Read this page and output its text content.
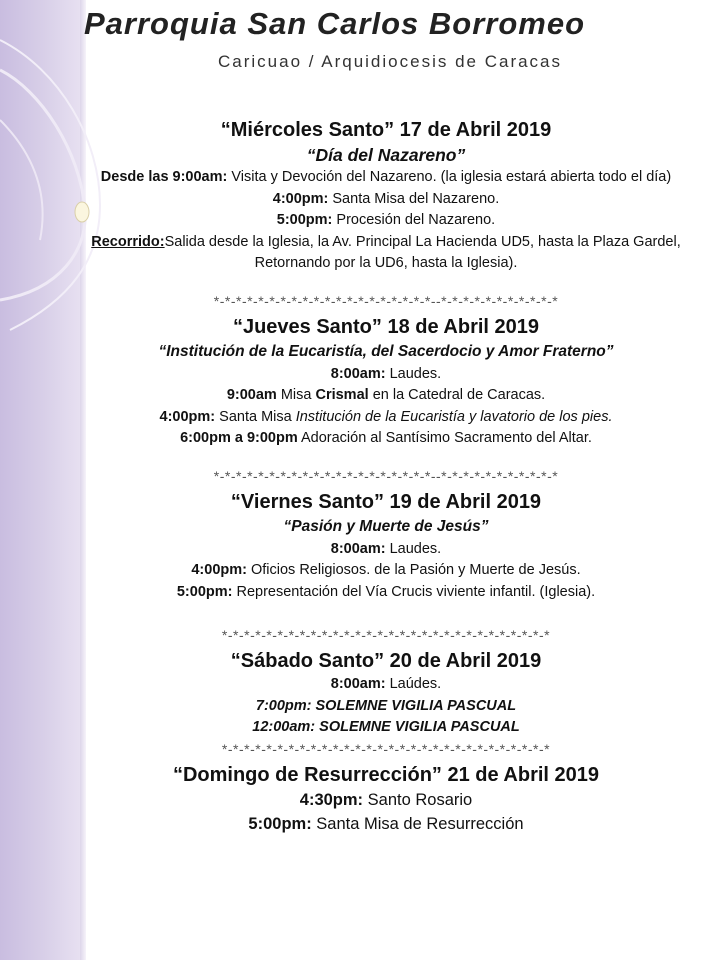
Parroquia San Carlos Borromeo
Caricuao / Arquidiocesis de Caracas
“Miércoles Santo” 17 de Abril 2019
“Día del Nazareno”
Desde las 9:00am: Visita y Devoción del Nazareno. (la iglesia estará abierta todo el día)
4:00pm: Santa Misa del Nazareno.
5:00pm: Procesión del Nazareno.
Recorrido:Salida desde la Iglesia, la Av. Principal La Hacienda UD5, hasta la Plaza Gardel, Retornando por la UD6, hasta la Iglesia).
*-*-*-*-*-*-*-*-*-*-*-*-*-*-*-*-*-*-*-*--*-*-*-*-*-*-*-*-*-*-*
“Jueves Santo” 18 de Abril 2019
“Institución de la Eucaristía, del Sacerdocio y Amor Fraterno”
8:00am: Laudes.
9:00am Misa Crismal en la Catedral de Caracas.
4:00pm: Santa Misa Institución de la Eucaristía y lavatorio de los pies.
6:00pm a 9:00pm Adoración al Santísimo Sacramento del Altar.
*-*-*-*-*-*-*-*-*-*-*-*-*-*-*-*-*-*-*-*--*-*-*-*-*-*-*-*-*-*-*
“Viernes Santo” 19 de Abril 2019
“Pasión y Muerte de Jesús”
8:00am: Laudes.
4:00pm: Oficios Religiosos. de la Pasión y Muerte de Jesús.
5:00pm: Representación del Vía Crucis viviente infantil. (Iglesia).
*-*-*-*-*-*-*-*-*-*-*-*-*-*-*-*-*-*-*-*-*-*-*-*-*-*-*-*-*-*
“Sábado Santo” 20 de Abril 2019
8:00am: Laúdes.
7:00pm: SOLEMNE VIGILIA PASCUAL
12:00am: SOLEMNE VIGILIA PASCUAL
*-*-*-*-*-*-*-*-*-*-*-*-*-*-*-*-*-*-*-*-*-*-*-*-*-*-*-*-*-*
“Domingo de Resurrección” 21 de Abril 2019
4:30pm: Santo Rosario
5:00pm: Santa Misa de Resurrección
